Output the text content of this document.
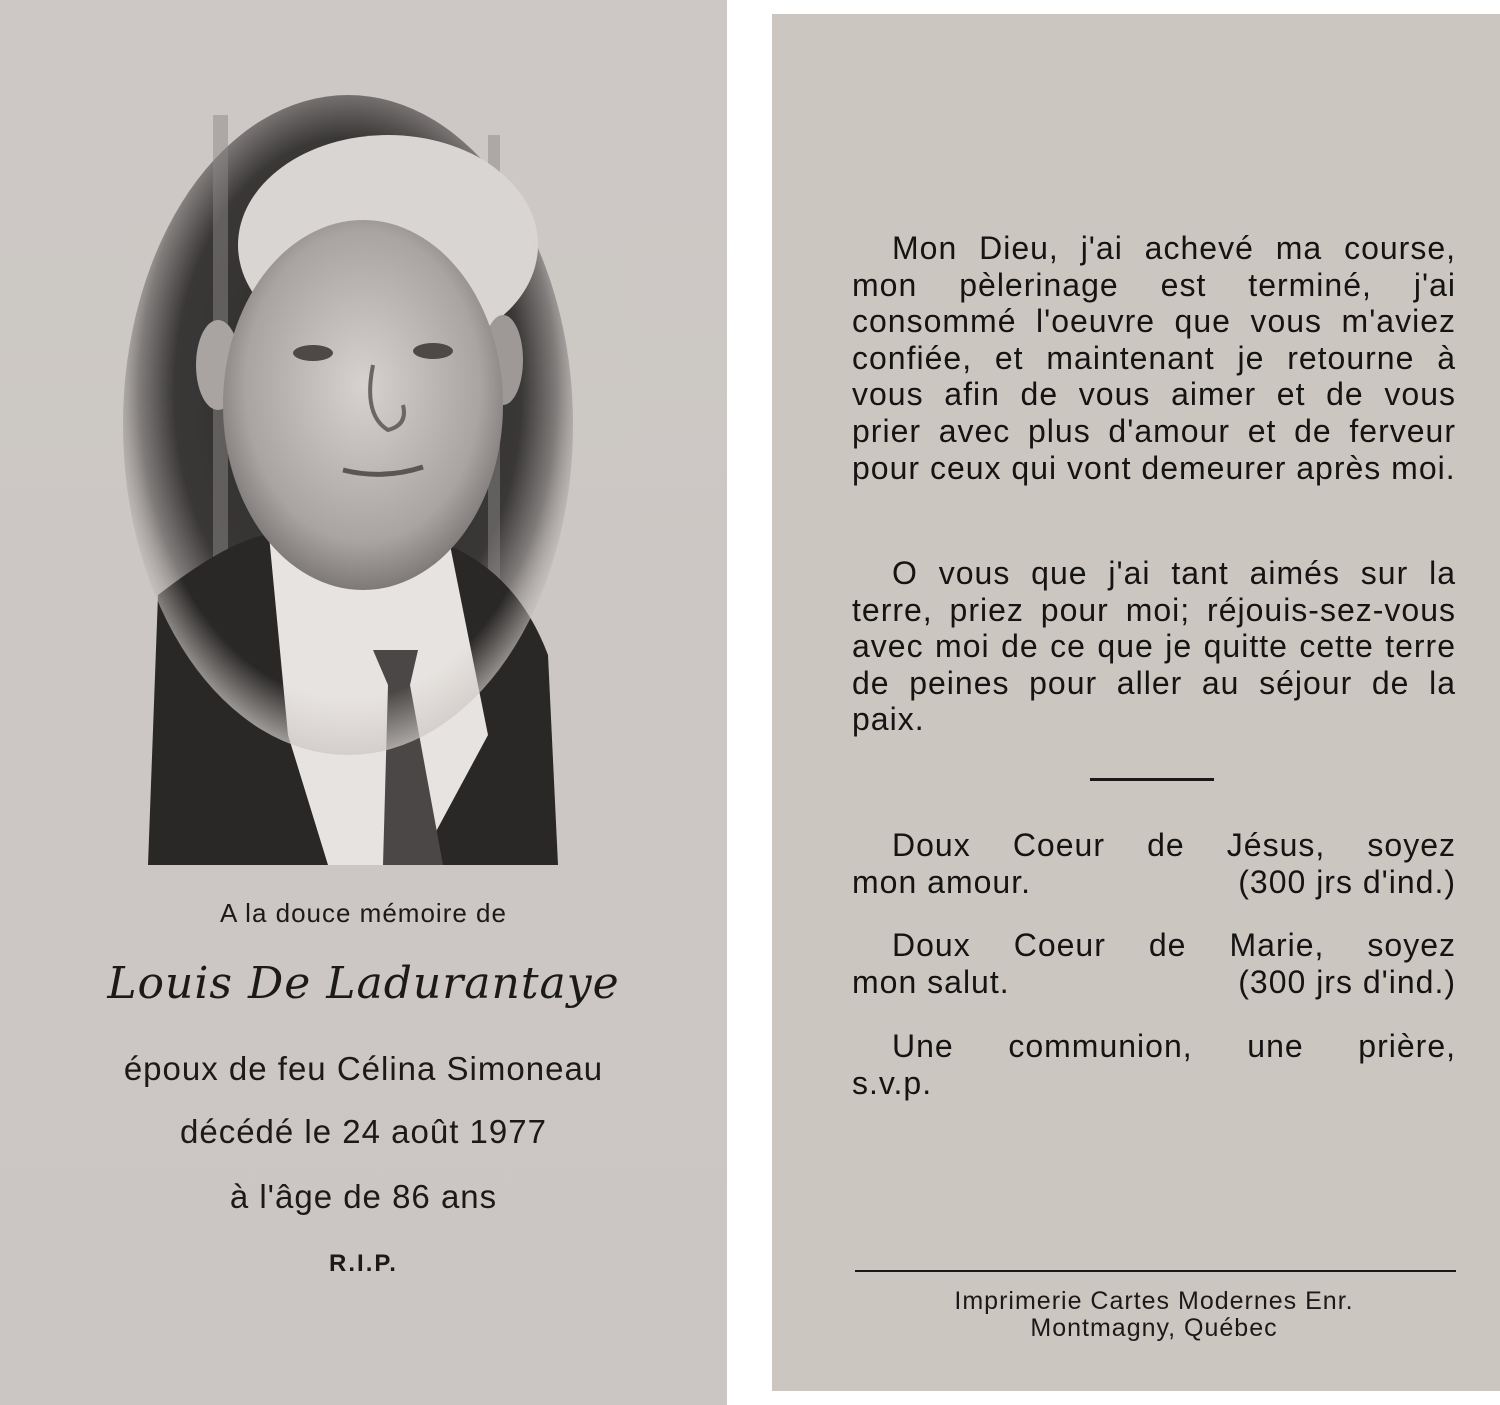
A la douce mémoire de
Louis De Ladurantaye
époux de feu Célina Simoneau
décédé le 24 août 1977
à l'âge de 86 ans
R.I.P.

Mon Dieu, j'ai achevé ma course, mon pèlerinage est terminé, j'ai consommé l'oeuvre que vous m'aviez confiée, et maintenant je retourne à vous afin de vous aimer et de vous prier avec plus d'amour et de ferveur pour ceux qui vont demeurer après moi.

O vous que j'ai tant aimés sur la terre, priez pour moi; réjouis-sez-vous avec moi de ce que je quitte cette terre de peines pour aller au séjour de la paix.

Doux Coeur de Jésus, soyez
mon amour.	(300 jrs d'ind.)
Doux Coeur de Marie, soyez
mon salut.	(300 jrs d'ind.)
Une communion, une prière,
s.v.p.
Imprimerie Cartes Modernes Enr.
Montmagny, Québec
